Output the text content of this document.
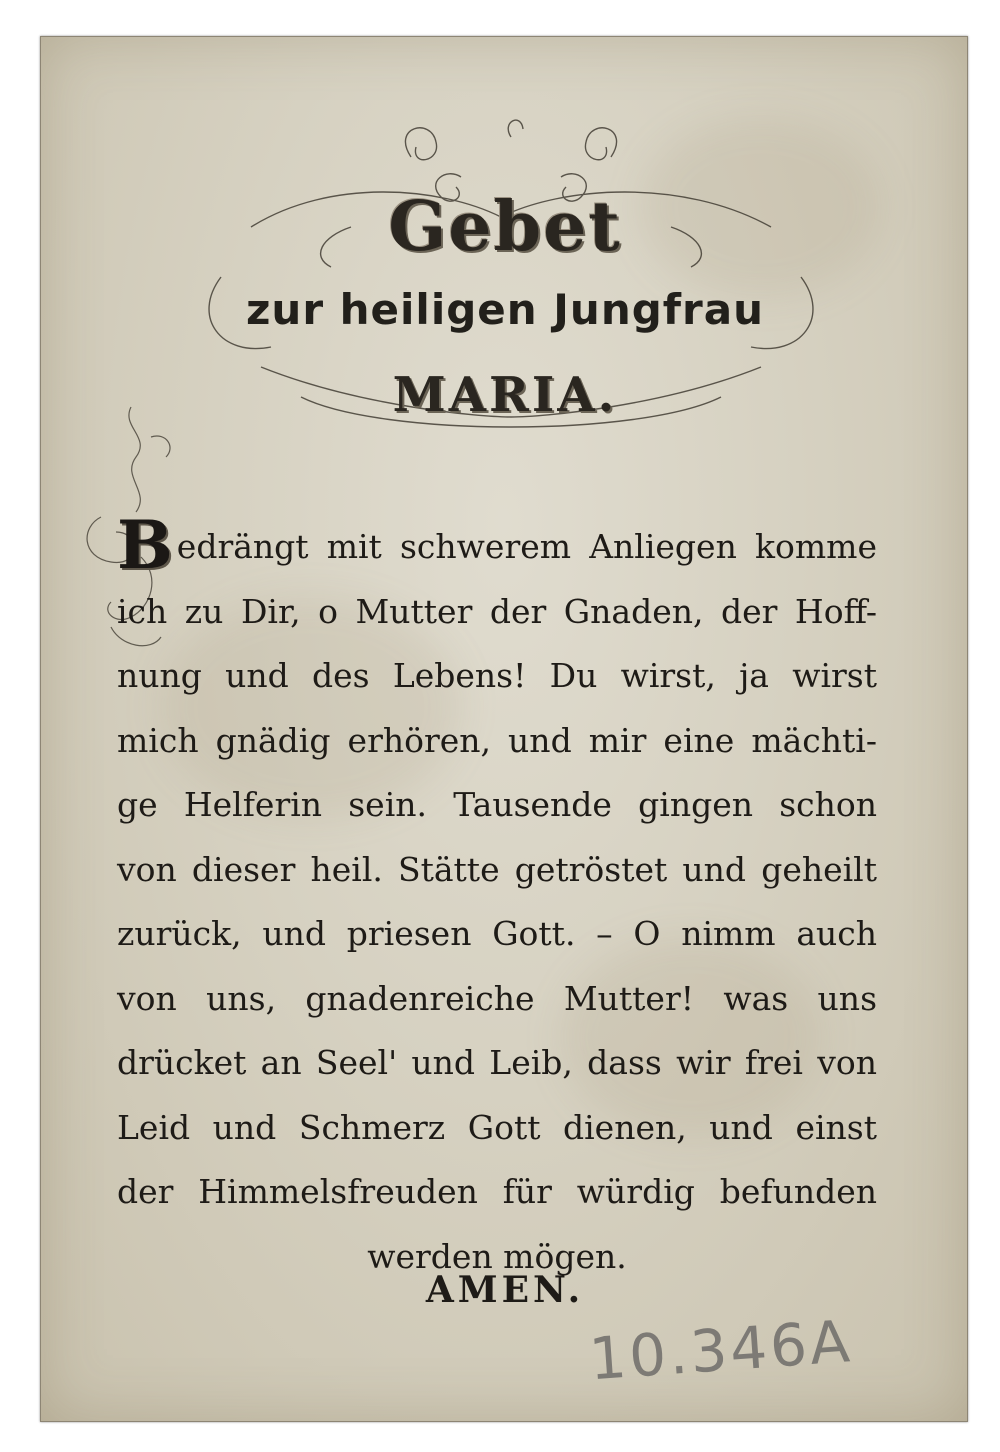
Gebet
zur heiligen Jungfrau
MARIA.
Bedrängt mit schwerem Anliegen komme
ich zu Dir, o Mutter der Gnaden, der Hoff-
nung und des Lebens! Du wirst, ja wirst
mich gnädig erhören, und mir eine mächti-
ge Helferin sein. Tausende gingen schon
von dieser heil. Stätte getröstet und geheilt
zurück, und priesen Gott. – O nimm auch
von uns, gnadenreiche Mutter! was uns
drücket an Seel' und Leib, dass wir frei von
Leid und Schmerz Gott dienen, und einst
der Himmelsfreuden für würdig befunden
werden mögen.
AMEN.
10.346A
